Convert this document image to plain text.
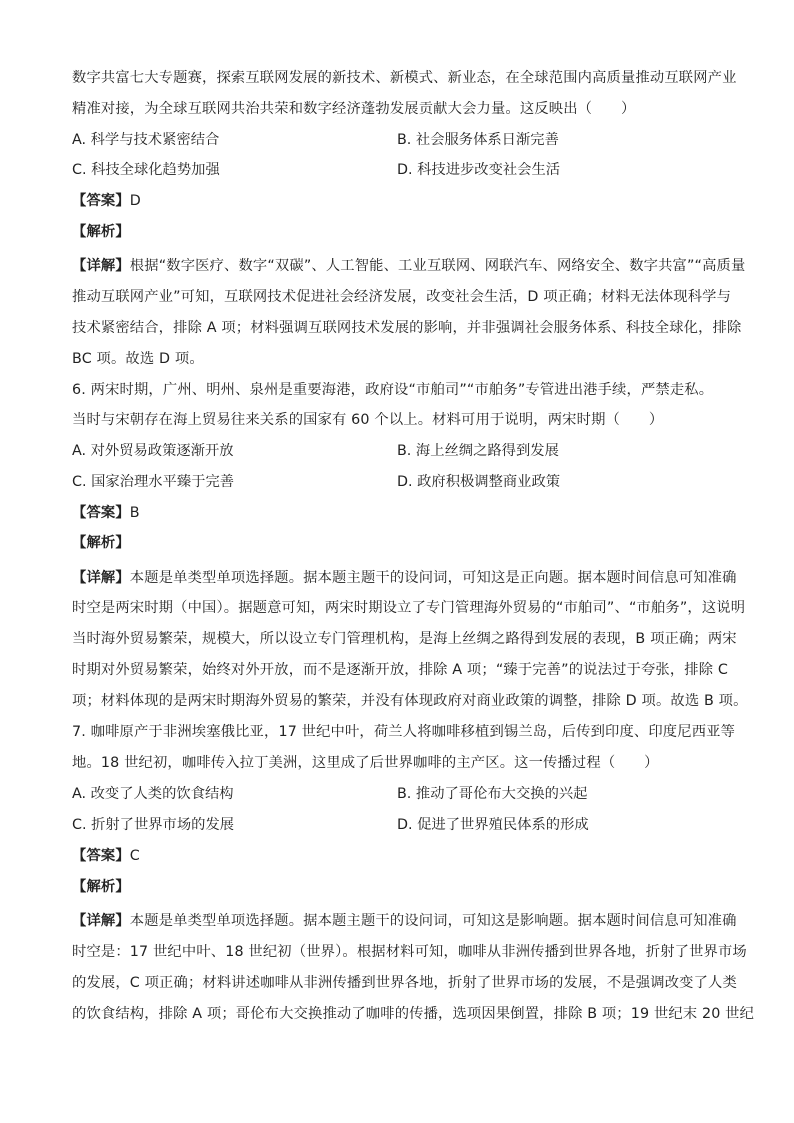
数字共富七大专题赛，探索互联网发展的新技术、新模式、新业态，在全球范围内高质量推动互联网产业
精准对接，为全球互联网共治共荣和数字经济蓬勃发展贡献大会力量。这反映出（　　）
A. 科学与技术紧密结合	B. 社会服务体系日渐完善
C. 科技全球化趋势加强	D. 科技进步改变社会生活
【答案】D
【解析】
【详解】根据“数字医疗、数字“双碳”、人工智能、工业互联网、网联汽车、网络安全、数字共富”“高质量
推动互联网产业”可知，互联网技术促进社会经济发展，改变社会生活，D 项正确；材料无法体现科学与
技术紧密结合，排除 A 项；材料强调互联网技术发展的影响，并非强调社会服务体系、科技全球化，排除
BC 项。故选 D 项。
6. 两宋时期，广州、明州、泉州是重要海港，政府设“市舶司”“市舶务”专管进出港手续，严禁走私。
当时与宋朝存在海上贸易往来关系的国家有 60 个以上。材料可用于说明，两宋时期（　　）
A. 对外贸易政策逐渐开放	B. 海上丝绸之路得到发展
C. 国家治理水平臻于完善	D. 政府积极调整商业政策
【答案】B
【解析】
【详解】本题是单类型单项选择题。据本题主题干的设问词，可知这是正向题。据本题时间信息可知准确
时空是两宋时期（中国）。据题意可知，两宋时期设立了专门管理海外贸易的“市舶司”、“市舶务”，这说明
当时海外贸易繁荣，规模大，所以设立专门管理机构，是海上丝绸之路得到发展的表现，B 项正确；两宋
时期对外贸易繁荣，始终对外开放，而不是逐渐开放，排除 A 项；“臻于完善”的说法过于夸张，排除 C
项；材料体现的是两宋时期海外贸易的繁荣，并没有体现政府对商业政策的调整，排除 D 项。故选 B 项。
7. 咖啡原产于非洲埃塞俄比亚，17 世纪中叶，荷兰人将咖啡移植到锡兰岛，后传到印度、印度尼西亚等
地。18 世纪初，咖啡传入拉丁美洲，这里成了后世界咖啡的主产区。这一传播过程（　　）
A. 改变了人类的饮食结构	B. 推动了哥伦布大交换的兴起
C. 折射了世界市场的发展	D. 促进了世界殖民体系的形成
【答案】C
【解析】
【详解】本题是单类型单项选择题。据本题主题干的设问词，可知这是影响题。据本题时间信息可知准确
时空是：17 世纪中叶、18 世纪初（世界）。根据材料可知，咖啡从非洲传播到世界各地，折射了世界市场
的发展，C 项正确；材料讲述咖啡从非洲传播到世界各地，折射了世界市场的发展，不是强调改变了人类
的饮食结构，排除 A 项；哥伦布大交换推动了咖啡的传播，选项因果倒置，排除 B 项；19 世纪末 20 世纪
